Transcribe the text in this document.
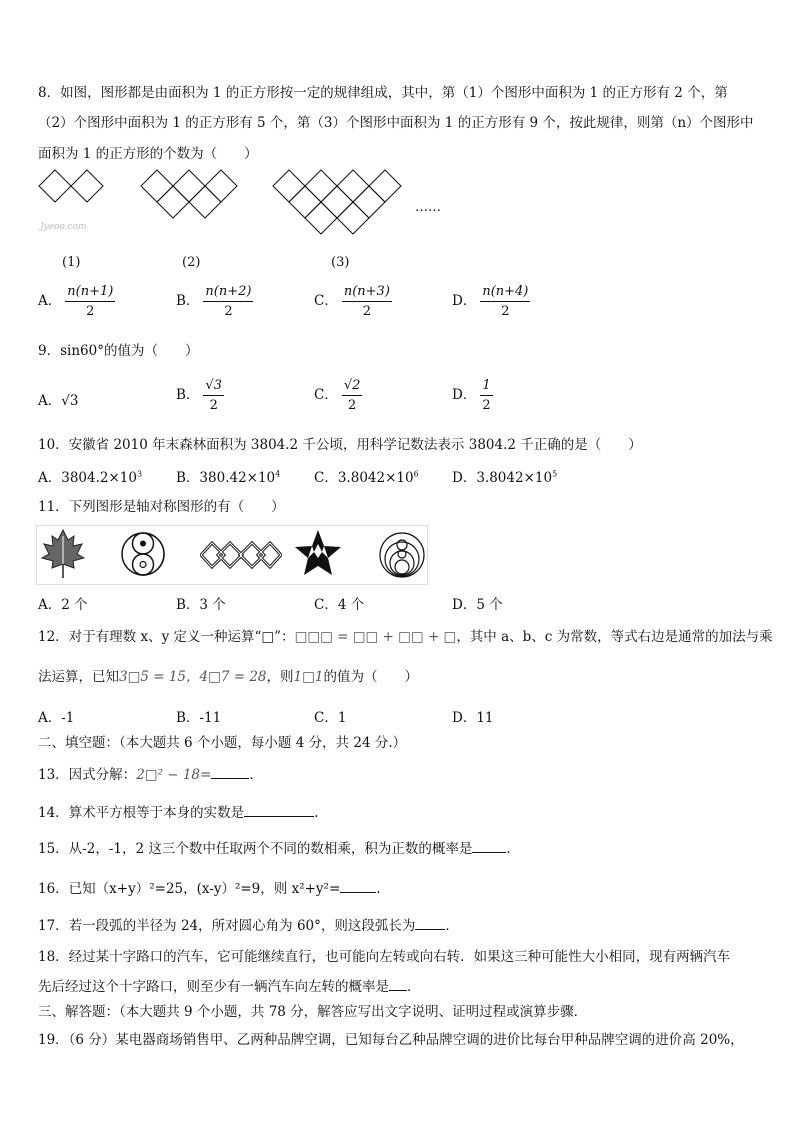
8．如图，图形都是由面积为 1 的正方形按一定的规律组成，其中，第（1）个图形中面积为 1 的正方形有 2 个，第
（2）个图形中面积为 1 的正方形有 5 个，第（3）个图形中面积为 1 的正方形有 9 个，按此规律，则第（n）个图形中
面积为 1 的正方形的个数为（　　）
……
Jyeoo.com
(1)	(2)	(3)
A． $\frac{n(n+1)}{2}$	B． $\frac{n(n+2)}{2}$	C． $\frac{n(n+3)}{2}$	D． $\frac{n(n+4)}{2}$
9．sin60°的值为（　　）
A．√3	B． $\frac{√3}{2}$	C． $\frac{√2}{2}$	D． $\frac{1}{2}$
10．安徽省 2010 年末森林面积为 3804.2 千公顷，用科学记数法表示 3804.2 千正确的是（　　）
A．$3804.2\times 10^3$	B．$380.42\times 10^4$	C．$3.8042\times 10^6$ D．$3.8042\times 10^5$
11．下列图形是轴对称图形的有（　　）
A．2 个	B．3 个	C．4 个	D．5 个
12．对于有理数 x、y 定义一种运算“□”：□□□ = □□ + □□ + □，其中 a、b、c 为常数，等式右边是通常的加法与乘
法运算，已知3□5 = 15，4□7 = 28，则1□1的值为（　　）
A．-1	B．-11	C．1	D．11
二、填空题：（本大题共 6 个小题，每小题 4 分，共 24 分.）
13．因式分解：2□² − 18=	．
14．算术平方根等于本身的实数是	.
15．从-2，-1，2 这三个数中任取两个不同的数相乘，积为正数的概率是	.
16．已知（x+y）²=25，(x-y）²=9，则 x²+y²=	．
17．若一段弧的半径为 24，所对圆心角为 60°，则这段弧长为 ．
18．经过某十字路口的汽车，它可能继续直行，也可能向左转或向右转．如果这三种可能性大小相同，现有两辆汽车
先后经过这个十字路口，则至少有一辆汽车向左转的概率是 ．
三、解答题：（本大题共 9 个小题，共 78 分，解答应写出文字说明、证明过程或演算步骤．
19．（6 分）某电器商场销售甲、乙两种品牌空调，已知每台乙种品牌空调的进价比每台甲种品牌空调的进价高 20%，
